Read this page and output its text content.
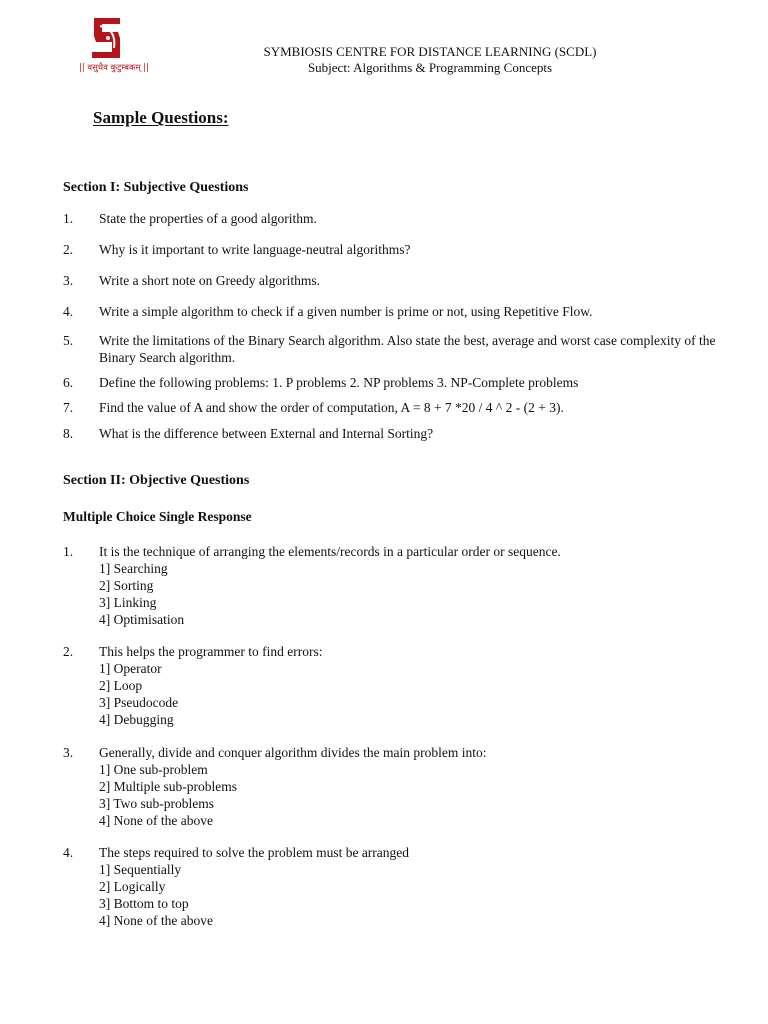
|| वसुधैव कुटुम्बकम् ||
SYMBIOSIS CENTRE FOR DISTANCE LEARNING (SCDL)
Subject: Algorithms & Programming Concepts
Sample Questions:
Section I: Subjective Questions
1. State the properties of a good algorithm.
2. Why is it important to write language-neutral algorithms?
3. Write a short note on Greedy algorithms.
4. Write a simple algorithm to check if a given number is prime or not, using Repetitive Flow.
5. Write the limitations of the Binary Search algorithm. Also state the best, average and worst case complexity of the Binary Search algorithm.
6. Define the following problems: 1. P problems 2. NP problems 3. NP-Complete problems
7. Find the value of A and show the order of computation, A = 8 + 7 *20 / 4 ^ 2 - (2 + 3).
8. What is the difference between External and Internal Sorting?
Section II: Objective Questions
Multiple Choice Single Response
1. It is the technique of arranging the elements/records in a particular order or sequence.
1] Searching
2] Sorting
3] Linking
4] Optimisation
2. This helps the programmer to find errors:
1] Operator
2] Loop
3] Pseudocode
4] Debugging
3. Generally, divide and conquer algorithm divides the main problem into:
1] One sub-problem
2] Multiple sub-problems
3] Two sub-problems
4] None of the above
4. The steps required to solve the problem must be arranged
1] Sequentially
2] Logically
3] Bottom to top
4] None of the above
